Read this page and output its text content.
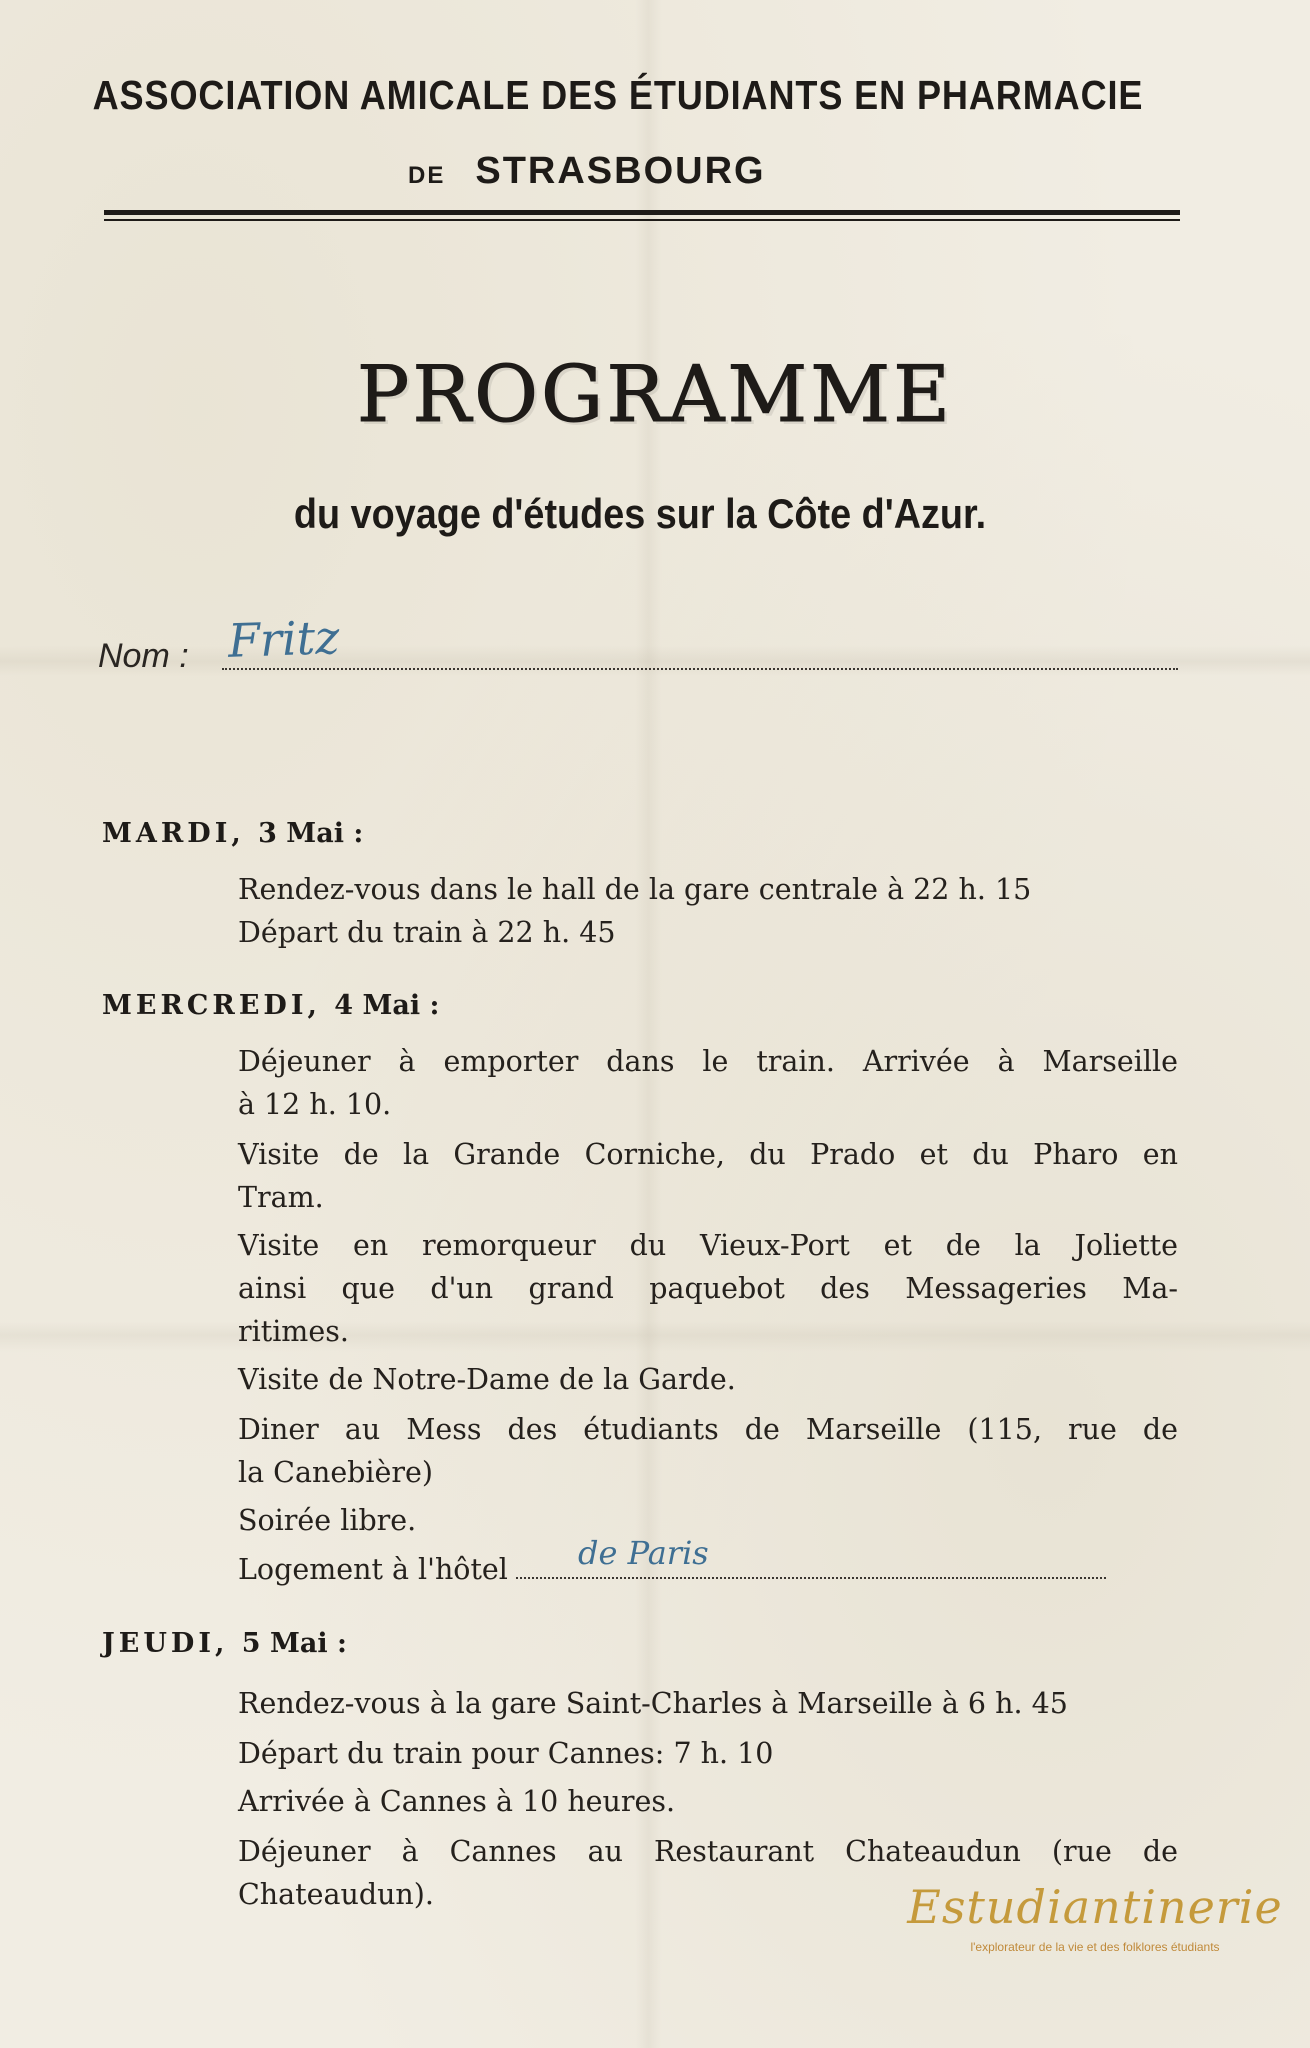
ASSOCIATION AMICALE DES ÉTUDIANTS EN PHARMACIE
DE STRASBOURG
PROGRAMME
du voyage d'études sur la Côte d'Azur.
Nom : Fritz
MARDI, 3 Mai :
Rendez-vous dans le hall de la gare centrale à 22 h. 15
Départ du train à 22 h. 45
MERCREDI, 4 Mai :
Déjeuner à emporter dans le train. Arrivée à Marseille
à 12 h. 10.
Visite de la Grande Corniche, du Prado et du Pharo en
Tram.
Visite en remorqueur du Vieux-Port et de la Joliette
ainsi que d'un grand paquebot des Messageries Ma-
ritimes.
Visite de Notre-Dame de la Garde.
Diner au Mess des étudiants de Marseille (115, rue de
la Canebière)
Soirée libre.
Logement à l'hôtel	de Paris
JEUDI, 5 Mai :
Rendez-vous à la gare Saint-Charles à Marseille à 6 h. 45
Départ du train pour Cannes: 7 h. 10
Arrivée à Cannes à 10 heures.
Déjeuner à Cannes au Restaurant Chateaudun (rue de
Chateaudun).	Estudiantinerie
l'explorateur de la vie et des folklores étudiants
